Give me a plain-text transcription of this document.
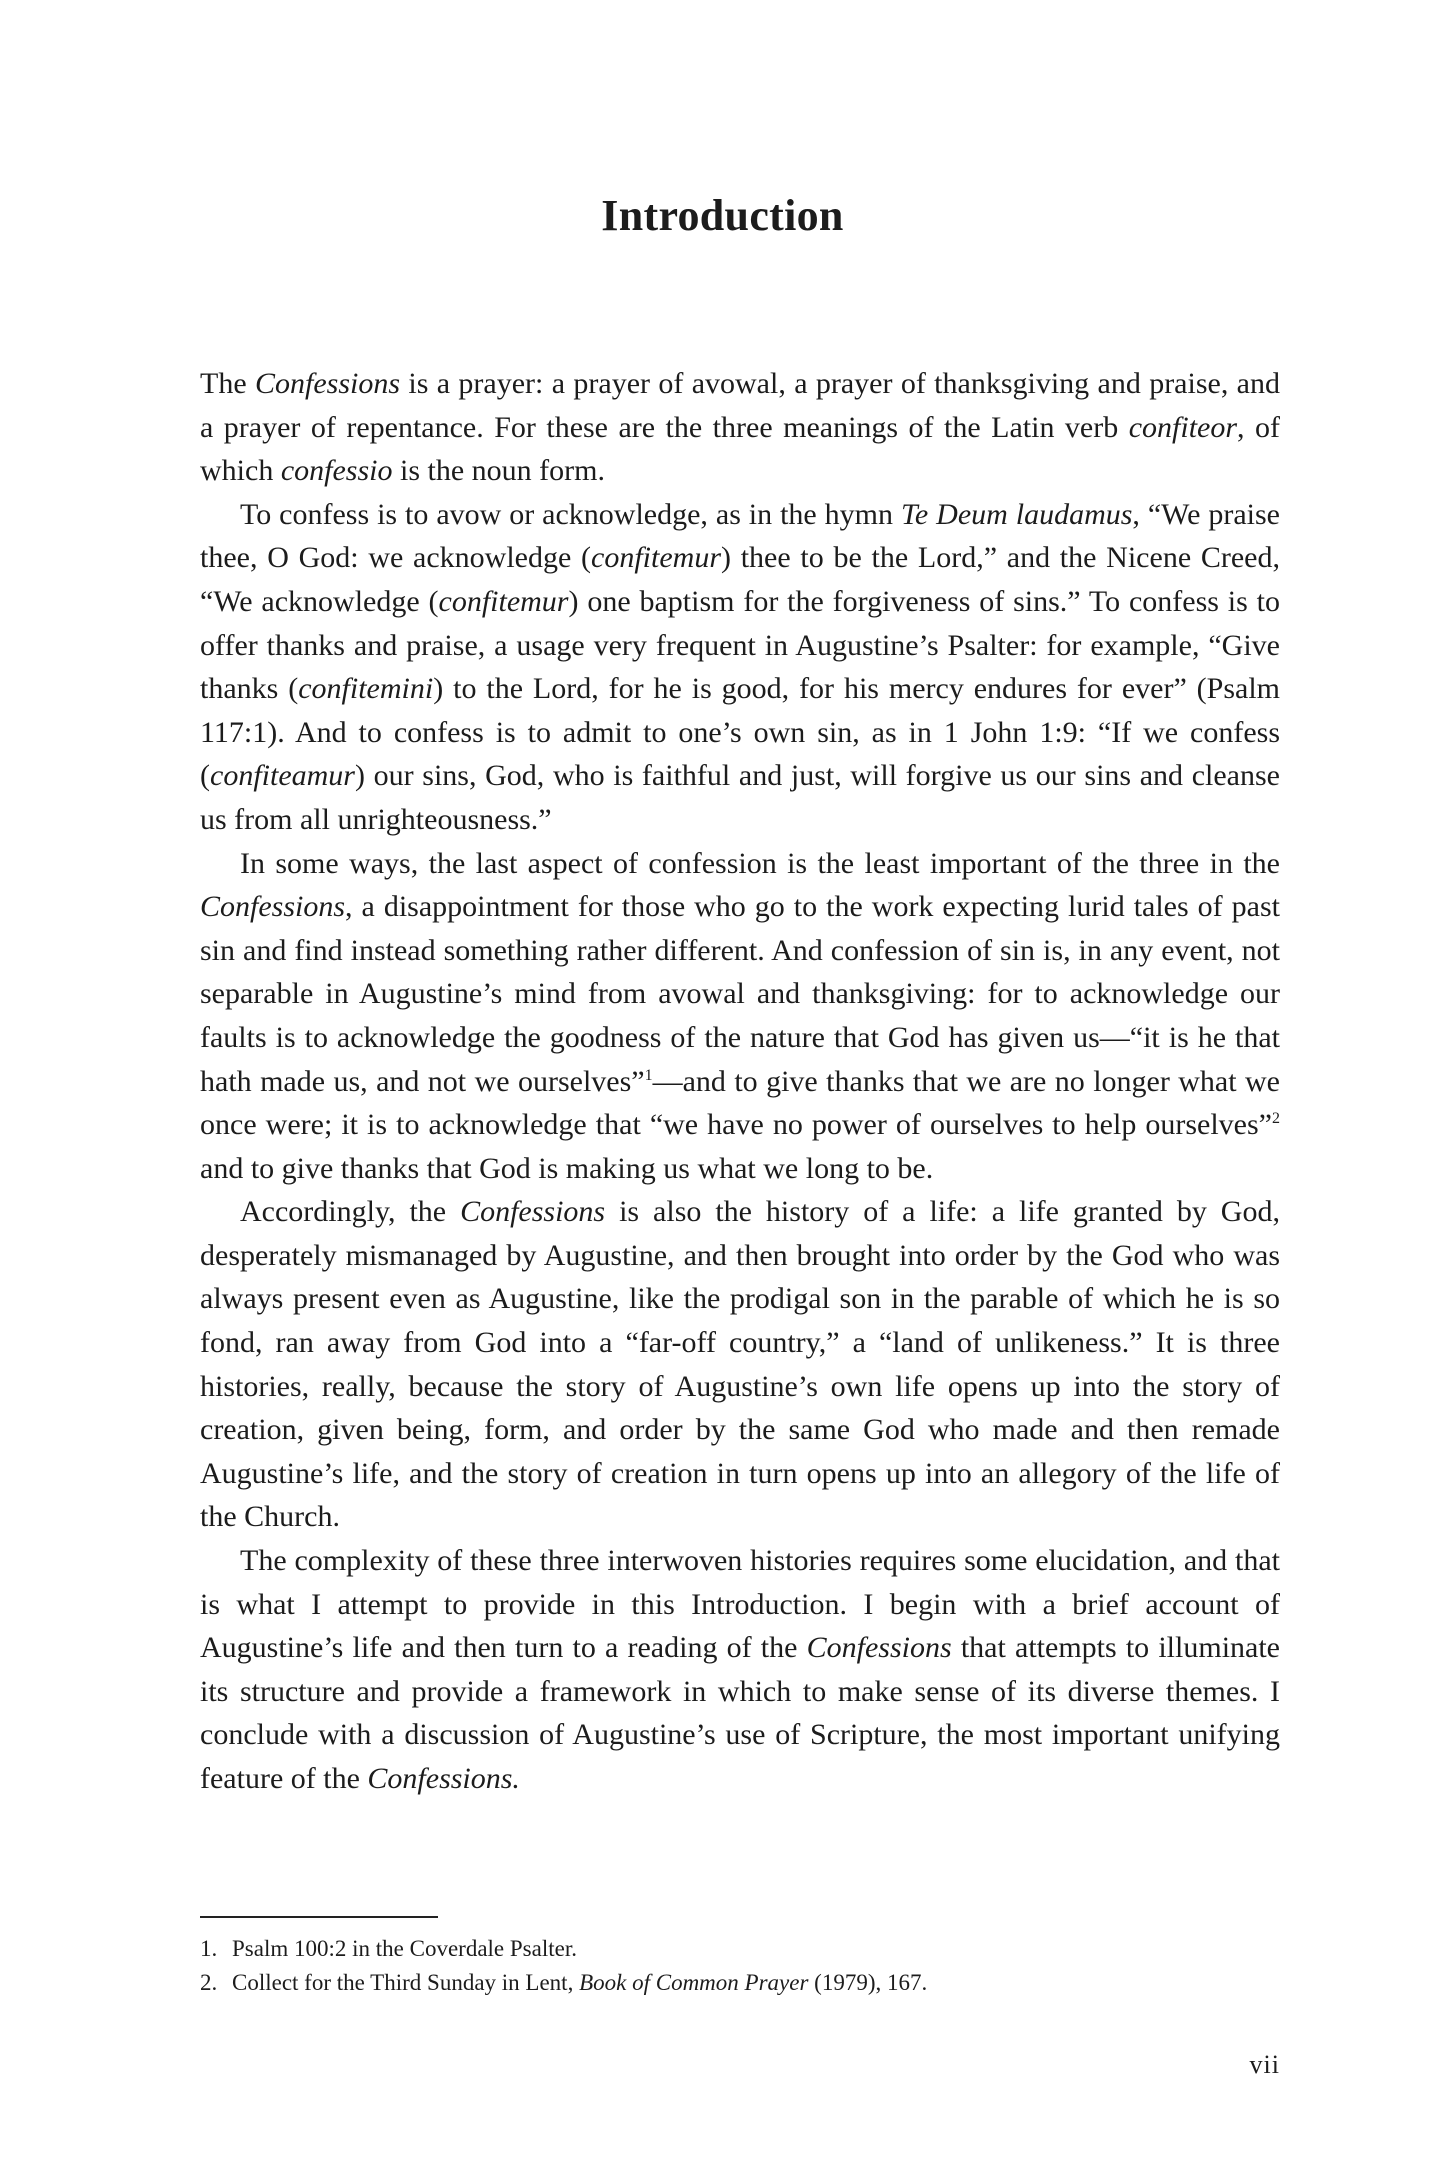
Introduction

The Confessions is a prayer: a prayer of avowal, a prayer of thanksgiving and praise, and a prayer of repentance. For these are the three meanings of the Latin verb confiteor, of which confessio is the noun form.

To confess is to avow or acknowledge, as in the hymn Te Deum laudamus, “We praise thee, O God: we acknowledge (confitemur) thee to be the Lord,” and the Nicene Creed, “We acknowledge (confitemur) one baptism for the forgiveness of sins.” To confess is to offer thanks and praise, a usage very frequent in Augustine’s Psalter: for example, “Give thanks (confitemini) to the Lord, for he is good, for his mercy endures for ever” (Psalm 117:1). And to confess is to admit to one’s own sin, as in 1 John 1:9: “If we confess (confiteamur) our sins, God, who is faithful and just, will forgive us our sins and cleanse us from all unrighteousness.”

In some ways, the last aspect of confession is the least important of the three in the Confessions, a disappointment for those who go to the work expecting lurid tales of past sin and find instead something rather different. And confession of sin is, in any event, not separable in Augustine’s mind from avowal and thanksgiving: for to acknowledge our faults is to acknowledge the goodness of the nature that God has given us—“it is he that hath made us, and not we ourselves”$^1$—and to give thanks that we are no longer what we once were; it is to acknowledge that “we have no power of ourselves to help ourselves”$^2$ and to give thanks that God is making us what we long to be.

Accordingly, the Confessions is also the history of a life: a life granted by God, desperately mismanaged by Augustine, and then brought into order by the God who was always present even as Augustine, like the prodigal son in the parable of which he is so fond, ran away from God into a “far-off country,” a “land of unlikeness.” It is three histories, really, because the story of Augustine’s own life opens up into the story of creation, given being, form, and order by the same God who made and then remade Augustine’s life, and the story of creation in turn opens up into an allegory of the life of the Church.

The complexity of these three interwoven histories requires some elucidation, and that is what I attempt to provide in this Introduction. I begin with a brief account of Augustine’s life and then turn to a reading of the Confessions that attempts to illuminate its structure and provide a framework in which to make sense of its diverse themes. I conclude with a discussion of Augustine’s use of Scripture, the most important unifying feature of the Confessions.

1. Psalm 100:2 in the Coverdale Psalter.

2. Collect for the Third Sunday in Lent, Book of Common Prayer (1979), 167.

vii
